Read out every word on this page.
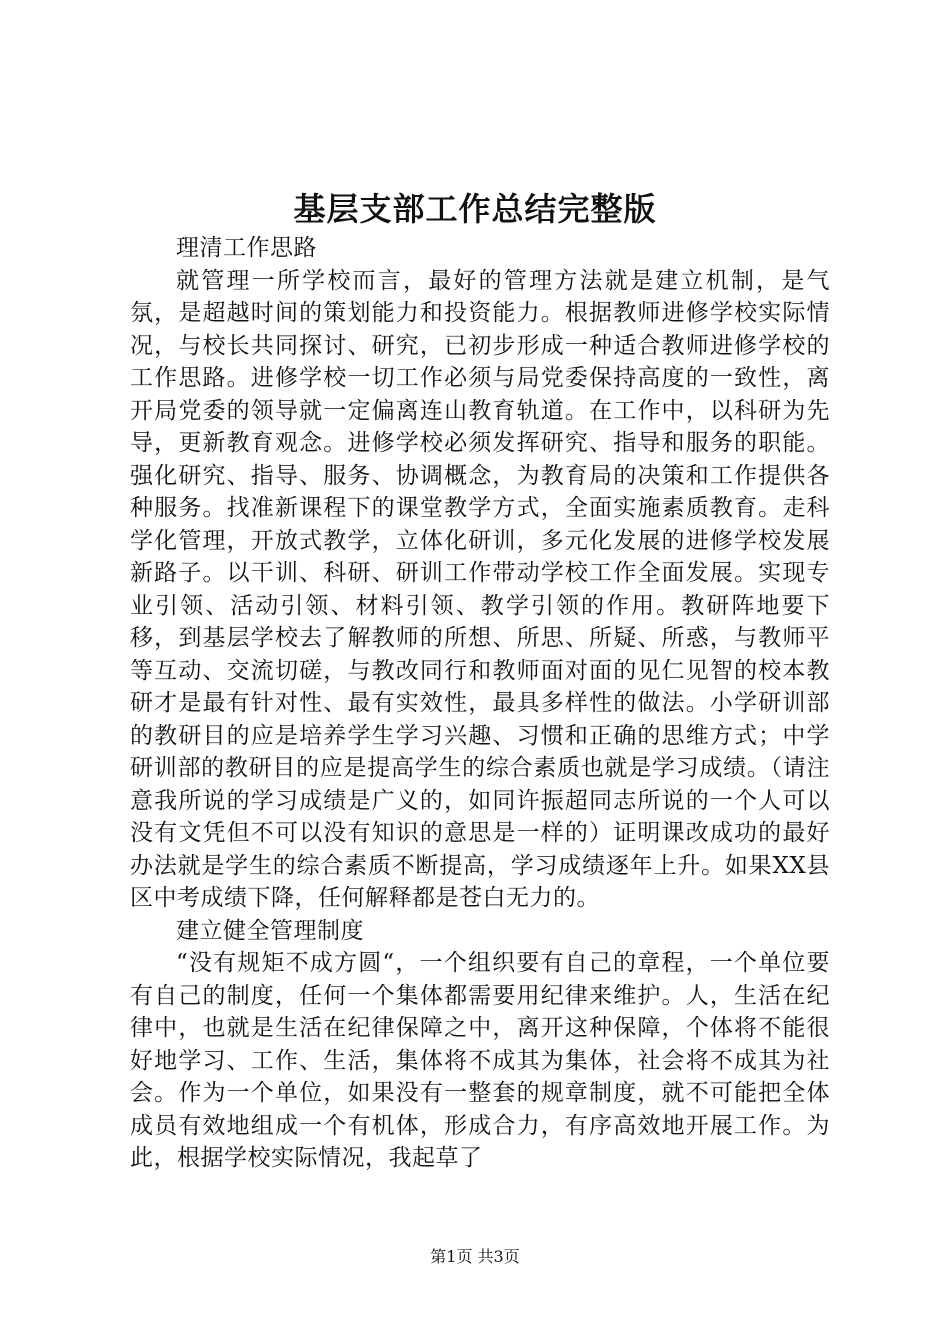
基层支部工作总结完整版

理清工作思路

就管理一所学校而言，最好的管理方法就是建立机制，是气氛，是超越时间的策划能力和投资能力。根据教师进修学校实际情况，与校长共同探讨、研究，已初步形成一种适合教师进修学校的工作思路。进修学校一切工作必须与局党委保持高度的一致性，离开局党委的领导就一定偏离连山教育轨道。在工作中，以科研为先导，更新教育观念。进修学校必须发挥研究、指导和服务的职能。强化研究、指导、服务、协调概念，为教育局的决策和工作提供各种服务。找准新课程下的课堂教学方式，全面实施素质教育。走科学化管理，开放式教学，立体化研训，多元化发展的进修学校发展新路子。以干训、科研、研训工作带动学校工作全面发展。实现专业引领、活动引领、材料引领、教学引领的作用。教研阵地要下移，到基层学校去了解教师的所想、所思、所疑、所惑，与教师平等互动、交流切磋，与教改同行和教师面对面的见仁见智的校本教研才是最有针对性、最有实效性，最具多样性的做法。小学研训部的教研目的应是培养学生学习兴趣、习惯和正确的思维方式；中学研训部的教研目的应是提高学生的综合素质也就是学习成绩。（请注意我所说的学习成绩是广义的，如同许振超同志所说的一个人可以没有文凭但不可以没有知识的意思是一样的）证明课改成功的最好办法就是学生的综合素质不断提高，学习成绩逐年上升。如果XX县区中考成绩下降，任何解释都是苍白无力的。

建立健全管理制度

“没有规矩不成方圆“，一个组织要有自己的章程，一个单位要有自己的制度，任何一个集体都需要用纪律来维护。人，生活在纪律中，也就是生活在纪律保障之中，离开这种保障，个体将不能很好地学习、工作、生活，集体将不成其为集体，社会将不成其为社会。作为一个单位，如果没有一整套的规章制度，就不可能把全体成员有效地组成一个有机体，形成合力，有序高效地开展工作。为此，根据学校实际情况，我起草了

第1页 共3页
